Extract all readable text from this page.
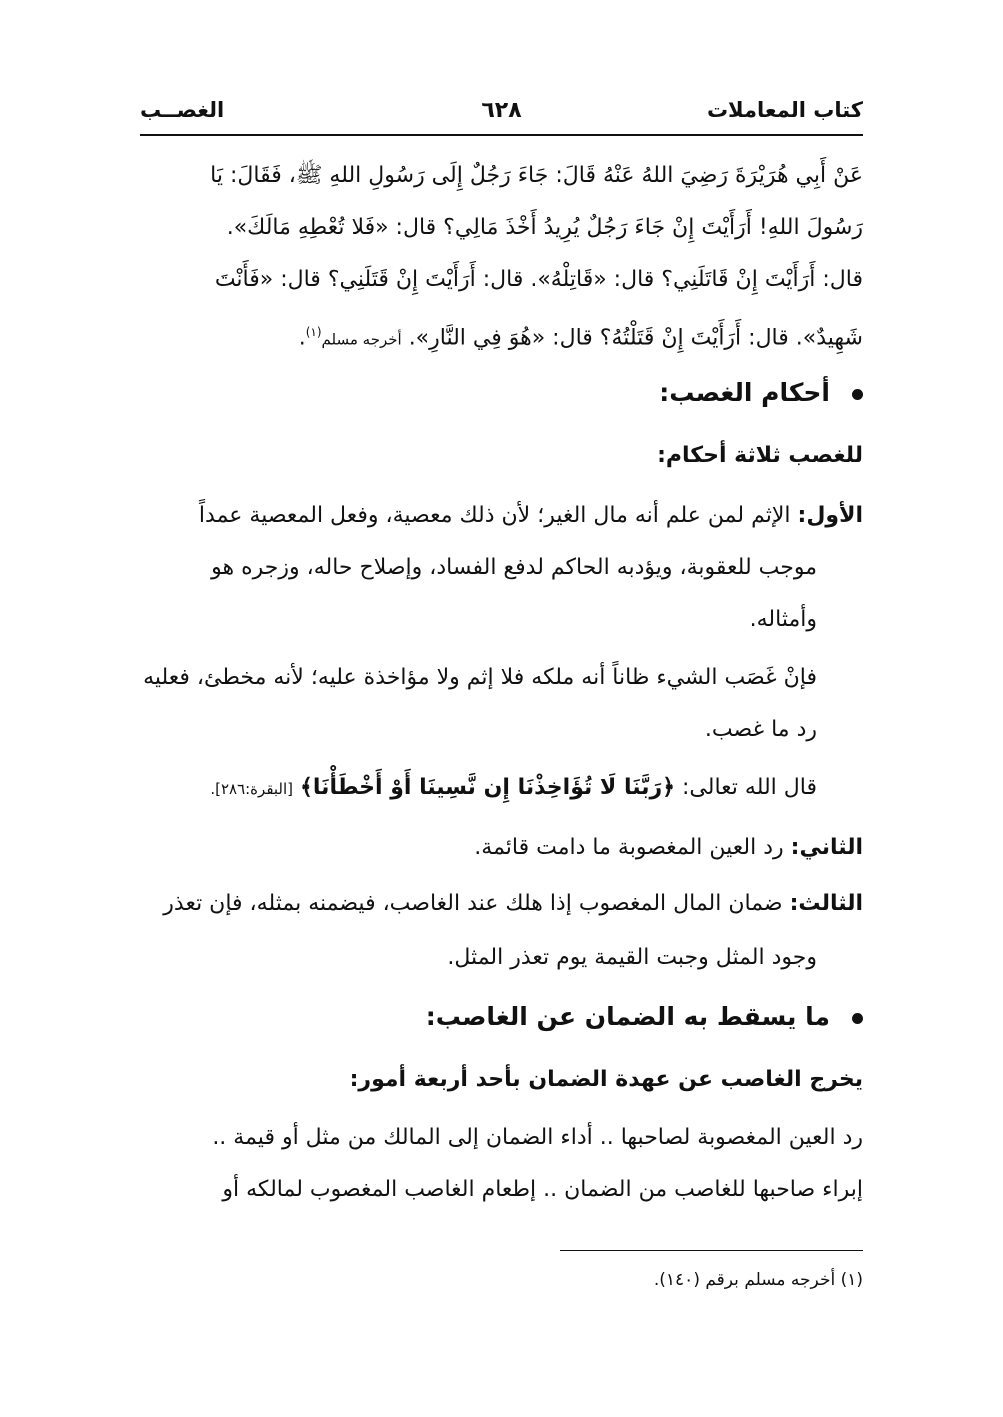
كتاب المعاملات
٦٢٨
الغصــب
عَنْ أَبِي هُرَيْرَةَ رَضِيَ اللهُ عَنْهُ قَالَ: جَاءَ رَجُلٌ إِلَى رَسُولِ اللهِ ﷺ، فَقَالَ: يَا
رَسُولَ اللهِ! أَرَأَيْتَ إِنْ جَاءَ رَجُلٌ يُرِيدُ أَخْذَ مَالِي؟ قال: «فَلا تُعْطِهِ مَالَكَ».
قال: أَرَأَيْتَ إِنْ قَاتَلَنِي؟ قال: «قَاتِلْهُ». قال: أَرَأَيْتَ إِنْ قَتَلَنِي؟ قال: «فَأَنْتَ
شَهِيدٌ». قال: أَرَأَيْتَ إِنْ قَتَلْتُهُ؟ قال: «هُوَ فِي النَّارِ». أخرجه مسلم$^{(١)}$.
أحكام الغصب:
للغصب ثلاثة أحكام:
الأول: الإثم لمن علم أنه مال الغير؛ لأن ذلك معصية، وفعل المعصية عمداً
موجب للعقوبة، ويؤدبه الحاكم لدفع الفساد، وإصلاح حاله، وزجره هو
وأمثاله.
فإنْ غَصَب الشيء ظاناً أنه ملكه فلا إثم ولا مؤاخذة عليه؛ لأنه مخطئ، فعليه
رد ما غصب.
قال الله تعالى: ﴿رَبَّنَا لَا تُؤَاخِذْنَا إِن نَّسِينَا أَوْ أَخْطَأْنَا﴾ [البقرة:٢٨٦].
الثاني: رد العين المغصوبة ما دامت قائمة.
الثالث: ضمان المال المغصوب إذا هلك عند الغاصب، فيضمنه بمثله، فإن تعذر
وجود المثل وجبت القيمة يوم تعذر المثل.
ما يسقط به الضمان عن الغاصب:
يخرج الغاصب عن عهدة الضمان بأحد أربعة أمور:
رد العين المغصوبة لصاحبها .. أداء الضمان إلى المالك من مثل أو قيمة ..
إبراء صاحبها للغاصب من الضمان .. إطعام الغاصب المغصوب لمالكه أو
(١) أخرجه مسلم برقم (١٤٠).
